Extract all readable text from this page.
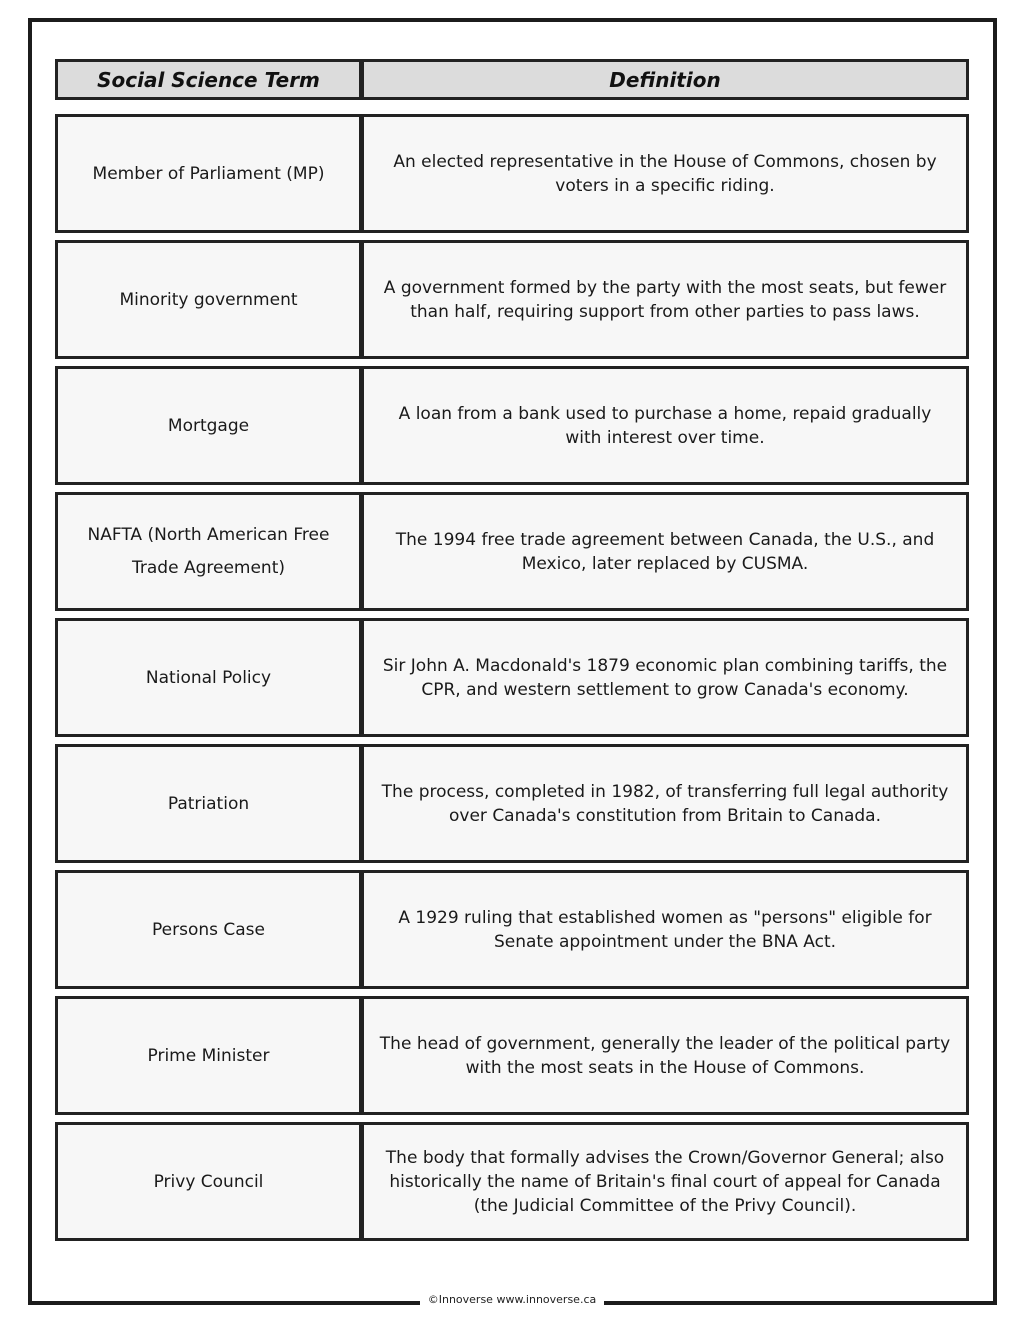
Social Science Term	Definition
Member of Parliament (MP)
An elected representative in the House of Commons, chosen by voters in a specific riding.
Minority government
A government formed by the party with the most seats, but fewer than half, requiring support from other parties to pass laws.
Mortgage
A loan from a bank used to purchase a home, repaid gradually with interest over time.
NAFTA (North American Free Trade Agreement)
The 1994 free trade agreement between Canada, the U.S., and Mexico, later replaced by CUSMA.
National Policy
Sir John A. Macdonald's 1879 economic plan combining tariffs, the CPR, and western settlement to grow Canada's economy.
Patriation
The process, completed in 1982, of transferring full legal authority over Canada's constitution from Britain to Canada.
Persons Case
A 1929 ruling that established women as "persons" eligible for Senate appointment under the BNA Act.
Prime Minister
The head of government, generally the leader of the political party with the most seats in the House of Commons.
Privy Council
The body that formally advises the Crown/Governor General; also historically the name of Britain's final court of appeal for Canada (the Judicial Committee of the Privy Council).
©Innoverse www.innoverse.ca
